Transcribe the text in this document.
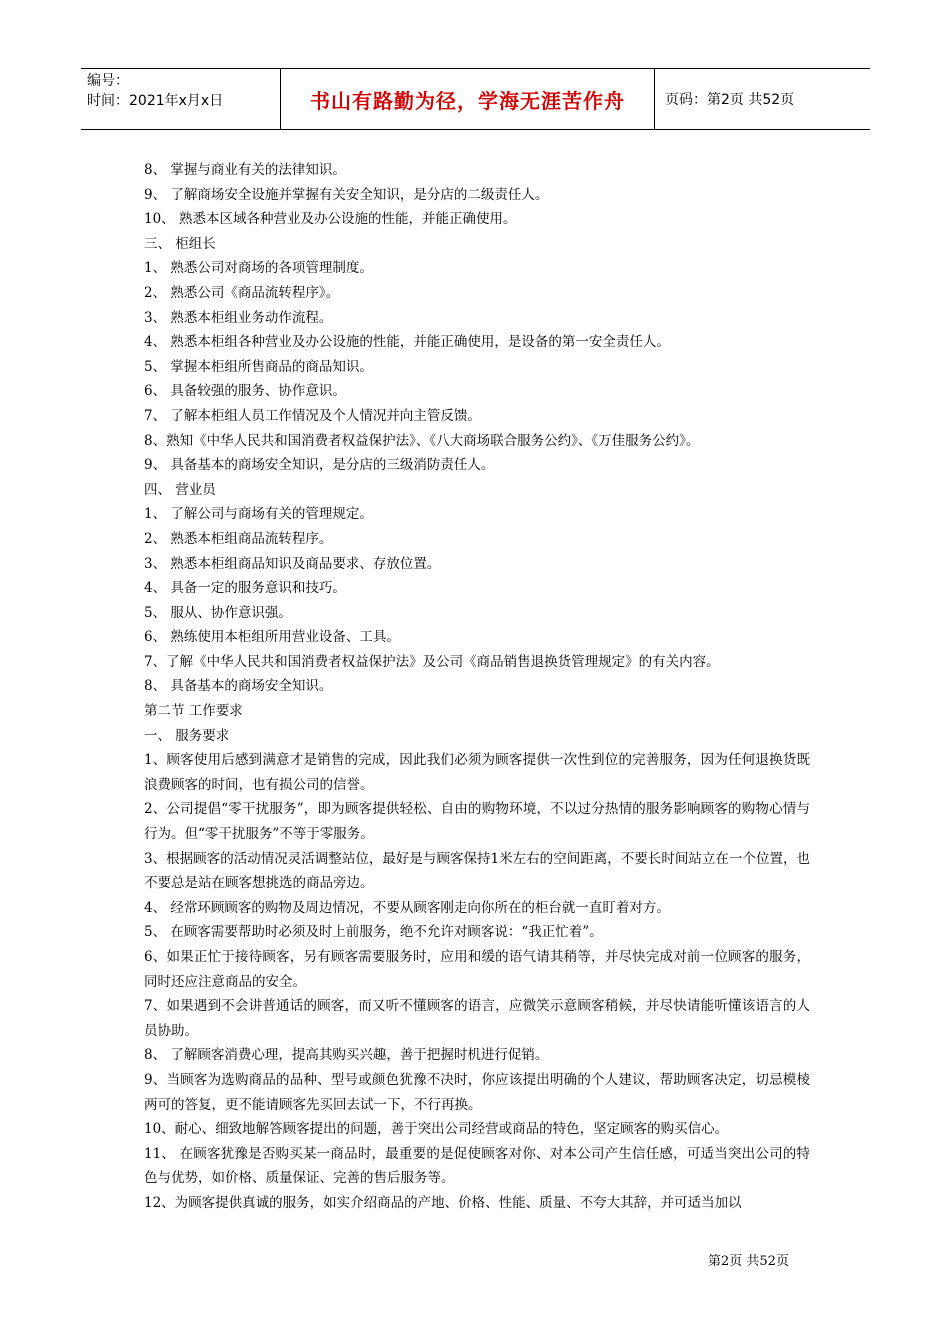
编号：
时间：2021年x月x日	书山有路勤为径，学海无涯苦作舟	页码：第2页 共52页

8、 掌握与商业有关的法律知识。

9、 了解商场安全设施并掌握有关安全知识，是分店的二级责任人。

10、 熟悉本区域各种营业及办公设施的性能，并能正确使用。

三、 柜组长

1、 熟悉公司对商场的各项管理制度。

2、 熟悉公司《商品流转程序》。

3、 熟悉本柜组业务动作流程。

4、 熟悉本柜组各种营业及办公设施的性能，并能正确使用，是设备的第一安全责任人。

5、 掌握本柜组所售商品的商品知识。

6、 具备较强的服务、协作意识。

7、 了解本柜组人员工作情况及个人情况并向主管反馈。

8、熟知《中华人民共和国消费者权益保护法》、《八大商场联合服务公约》、《万佳服务公约》。

9、 具备基本的商场安全知识，是分店的三级消防责任人。

四、 营业员

1、 了解公司与商场有关的管理规定。

2、 熟悉本柜组商品流转程序。

3、 熟悉本柜组商品知识及商品要求、存放位置。

4、 具备一定的服务意识和技巧。

5、 服从、协作意识强。

6、 熟练使用本柜组所用营业设备、工具。

7、了解《中华人民共和国消费者权益保护法》及公司《商品销售退换货管理规定》的有关内容。

8、 具备基本的商场安全知识。

第二节 工作要求

一、 服务要求

1、顾客使用后感到满意才是销售的完成，因此我们必须为顾客提供一次性到位的完善服务，因为任何退换货既浪费顾客的时间，也有损公司的信誉。

2、公司提倡“零干扰服务”，即为顾客提供轻松、自由的购物环境，不以过分热情的服务影响顾客的购物心情与行为。但“零干扰服务”不等于零服务。

3、根据顾客的活动情况灵活调整站位，最好是与顾客保持1米左右的空间距离，不要长时间站立在一个位置，也不要总是站在顾客想挑选的商品旁边。

4、 经常环顾顾客的购物及周边情况，不要从顾客刚走向你所在的柜台就一直盯着对方。

5、 在顾客需要帮助时必须及时上前服务，绝不允许对顾客说：“我正忙着”。

6、如果正忙于接待顾客，另有顾客需要服务时，应用和缓的语气请其稍等，并尽快完成对前一位顾客的服务，同时还应注意商品的安全。

7、如果遇到不会讲普通话的顾客，而又听不懂顾客的语言，应微笑示意顾客稍候，并尽快请能听懂该语言的人员协助。

8、 了解顾客消费心理，提高其购买兴趣，善于把握时机进行促销。

9、当顾客为选购商品的品种、型号或颜色犹豫不决时，你应该提出明确的个人建议，帮助顾客决定，切忌模棱两可的答复，更不能请顾客先买回去试一下，不行再换。

10、耐心、细致地解答顾客提出的问题，善于突出公司经营或商品的特色，坚定顾客的购买信心。

11、 在顾客犹豫是否购买某一商品时，最重要的是促使顾客对你、对本公司产生信任感，可适当突出公司的特色与优势，如价格、质量保证、完善的售后服务等。

12、为顾客提供真诚的服务，如实介绍商品的产地、价格、性能、质量、不夸大其辞，并可适当加以

第2页 共52页
